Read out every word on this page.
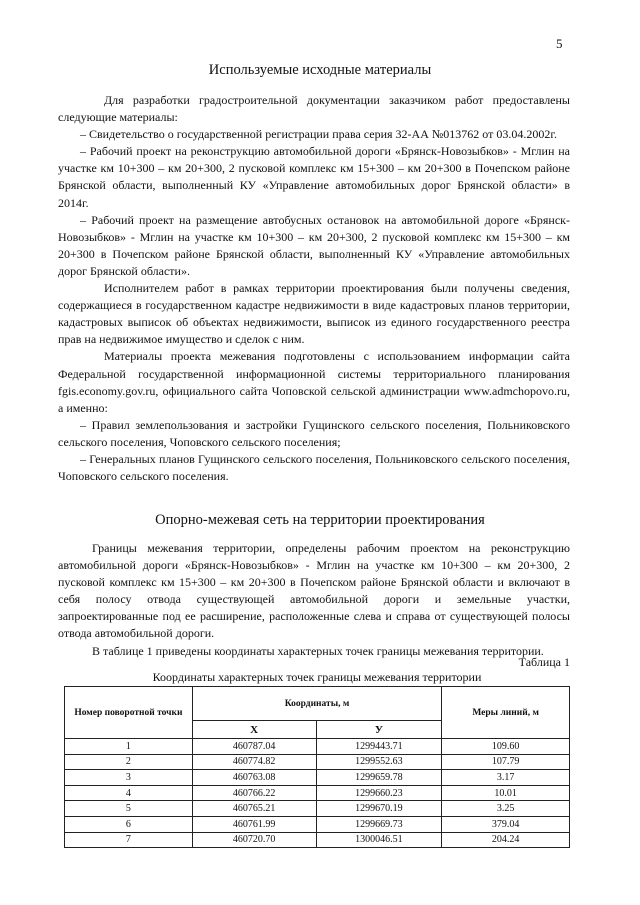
5
Используемые исходные материалы

Для разработки градостроительной документации заказчиком работ предоставлены следующие материалы:

– Свидетельство о государственной регистрации права серия 32-АА №013762 от 03.04.2002г.

– Рабочий проект на реконструкцию автомобильной дороги «Брянск-Новозыбков» - Мглин на участке км 10+300 – км 20+300, 2 пусковой комплекс км 15+300 – км 20+300 в Почепском районе Брянской области, выполненный КУ «Управление автомобильных дорог Брянской области» в 2014г.

– Рабочий проект на размещение автобусных остановок на автомобильной дороге «Брянск-Новозыбков» - Мглин на участке км 10+300 – км 20+300, 2 пусковой комплекс км 15+300 – км 20+300 в Почепском районе Брянской области, выполненный КУ «Управление автомобильных дорог Брянской области».

Исполнителем работ в рамках территории проектирования были получены сведения, содержащиеся в государственном кадастре недвижимости в виде кадастровых планов территории, кадастровых выписок об объектах недвижимости, выписок из единого государственного реестра прав на недвижимое имущество и сделок с ним.

Материалы проекта межевания подготовлены с использованием информации сайта Федеральной государственной информационной системы территориального планирования fgis.economy.gov.ru, официального сайта Чоповской сельской администрации www.admchopovo.ru, а именно:

– Правил землепользования и застройки Гущинского сельского поселения, Польниковского сельского поселения, Чоповского сельского поселения;

– Генеральных планов Гущинского сельского поселения, Польниковского сельского поселения, Чоповского сельского поселения.

Опорно-межевая сеть на территории проектирования

Границы межевания территории, определены рабочим проектом на реконструкцию автомобильной дороги «Брянск-Новозыбков» - Мглин на участке км 10+300 – км 20+300, 2 пусковой комплекс км 15+300 – км 20+300 в Почепском районе Брянской области и включают в себя полосу отвода существующей автомобильной дороги и земельные участки, запроектированные под ее расширение, расположенные слева и справа от существующей полосы отвода автомобильной дороги.

В таблице 1 приведены координаты характерных точек границы межевания территории.

Таблица 1
Координаты характерных точек границы межевания территории
Номер поворотной точки	Координаты, м		Меры линий, м
	Х	У	
1	460787.04	1299443.71	109.60
2	460774.82	1299552.63	107.79
3	460763.08	1299659.78	3.17
4	460766.22	1299660.23	10.01
5	460765.21	1299670.19	3.25
6	460761.99	1299669.73	379.04
7	460720.70	1300046.51	204.24
